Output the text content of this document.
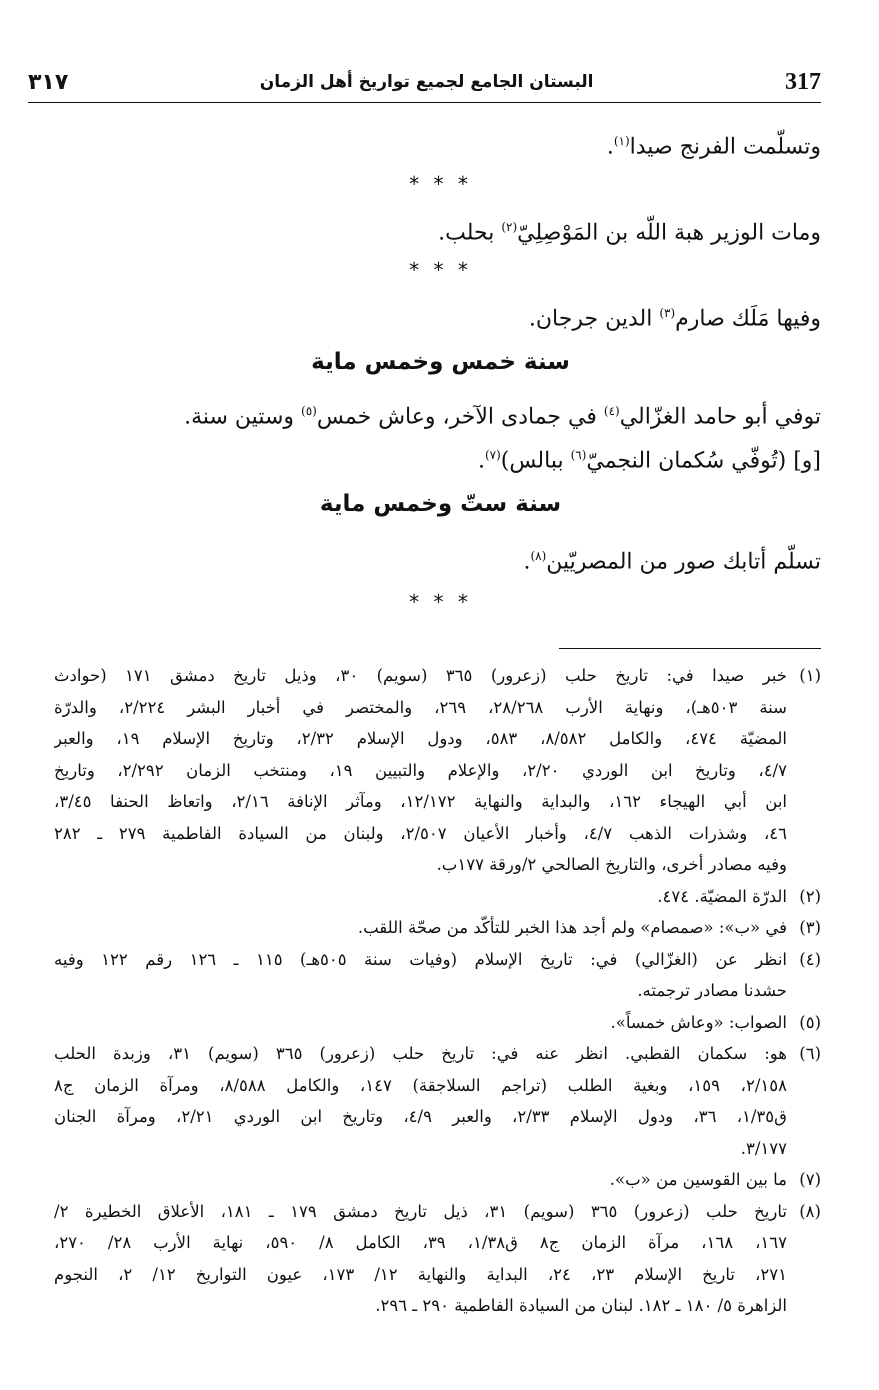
٣١٧	البستان الجامع لجميع تواريخ أهل الزمان	317
وتسلّمت الفرنج صيدا$^{(١)}$.
* * *
ومات الوزير هبة اللّه بن المَوْصِلِيّ$^{(٢)}$ بحلب.
* * *
وفيها مَلَك صارم$^{(٣)}$ الدين جرجان.
سنة خمس وخمس ماية
توفي أبو حامد الغزّالي$^{(٤)}$ في جمادى الآخر، وعاش خمس$^{(٥)}$ وستين سنة.
[و] (تُوفّي سُكمان النجميّ$^{(٦)}$ ببالس)$^{(٧)}$.
سنة ستّ وخمس ماية
تسلّم أتابك صور من المصريّين$^{(٨)}$.
* * *
(١)خبر صيدا في: تاريخ حلب (زعرور) ٣٦٥ (سويم) ٣٠، وذيل تاريخ دمشق ١٧١ (حوادث
سنة ٥٠٣هـ)، ونهاية الأرب ٢٨/٢٦٨، ٢٦٩، والمختصر في أخبار البشر ٢/٢٢٤، والدرّة
المضيّة ٤٧٤، والكامل ٨/٥٨٢، ٥٨٣، ودول الإسلام ٢/٣٢، وتاريخ الإسلام ١٩، والعبر
٤/٧، وتاريخ ابن الوردي ٢/٢٠، والإعلام والتبيين ١٩، ومنتخب الزمان ٢/٢٩٢، وتاريخ
ابن أبي الهيجاء ١٦٢، والبداية والنهاية ١٢/١٧٢، ومآثر الإنافة ٢/١٦، واتعاظ الحنفا ٣/٤٥،
٤٦، وشذرات الذهب ٤/٧، وأخبار الأعيان ٢/٥٠٧، ولبنان من السيادة الفاطمية ٢٧٩ ـ ٢٨٢
وفيه مصادر أخرى، والتاريخ الصالحي ٢/ورقة ١٧٧ب.
(٢)الدرّة المضيّة. ٤٧٤.
(٣)في «ب»: «صمصام» ولم أجد هذا الخبر للتأكّد من صحّة اللقب.
(٤)انظر عن (الغزّالي) في: تاريخ الإسلام (وفيات سنة ٥٠٥هـ) ١١٥ ـ ١٢٦ رقم ١٢٢ وفيه
حشدنا مصادر ترجمته.
(٥)الصواب: «وعاش خمساً».
(٦)هو: سكمان القطبي. انظر عنه في: تاريخ حلب (زعرور) ٣٦٥ (سويم) ٣١، وزبدة الحلب
٢/١٥٨، ١٥٩، وبغية الطلب (تراجم السلاجقة) ١٤٧، والكامل ٨/٥٨٨، ومرآة الزمان ج٨
ق١/٣٥، ٣٦، ودول الإسلام ٢/٣٣، والعبر ٤/٩، وتاريخ ابن الوردي ٢/٢١، ومرآة الجنان
٣/١٧٧.
(٧)ما بين القوسين من «ب».
(٨)تاريخ حلب (زعرور) ٣٦٥ (سويم) ٣١، ذيل تاريخ دمشق ١٧٩ ـ ١٨١، الأعلاق الخطيرة ٢/
١٦٧، ١٦٨، مرآة الزمان ج٨ ق١/٣٨، ٣٩، الكامل ٨/ ٥٩٠، نهاية الأرب ٢٨/ ٢٧٠،
٢٧١، تاريخ الإسلام ٢٣، ٢٤، البداية والنهاية ١٢/ ١٧٣، عيون التواريخ ١٢/ ٢، النجوم
الزاهرة ٥/ ١٨٠ ـ ١٨٢. لبنان من السيادة الفاطمية ٢٩٠ ـ ٢٩٦.
